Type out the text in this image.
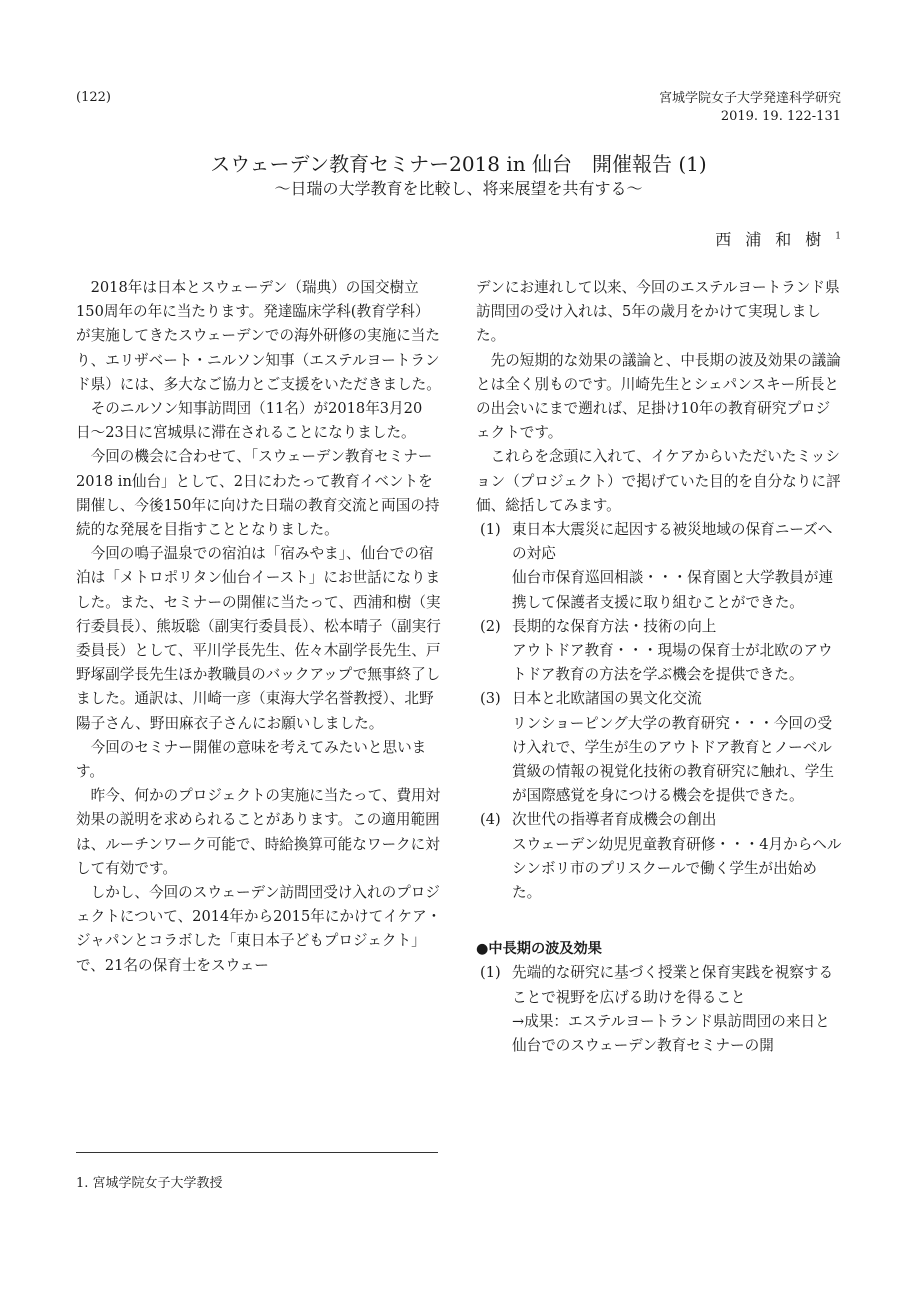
(122)	宮城学院女子大学発達科学研究
2019. 19. 122-131
スウェーデン教育セミナー2018 in 仙台　開催報告 (1)
〜日瑞の大学教育を比較し、将来展望を共有する〜
西浦和樹$^1$

2018年は日本とスウェーデン（瑞典）の国交樹立150周年の年に当たります。発達臨床学科(教育学科）が実施してきたスウェーデンでの海外研修の実施に当たり、エリザベート・ニルソン知事（エステルヨートランド県）には、多大なご協力とご支援をいただきました。

そのニルソン知事訪問団（11名）が2018年3月20日〜23日に宮城県に滞在されることになりました。

今回の機会に合わせて、「スウェーデン教育セミナー2018 in仙台」として、2日にわたって教育イベントを開催し、今後150年に向けた日瑞の教育交流と両国の持続的な発展を目指すこととなりました。

今回の鳴子温泉での宿泊は「宿みやま」、仙台での宿泊は「メトロポリタン仙台イースト」にお世話になりました。また、セミナーの開催に当たって、西浦和樹（実行委員長）、熊坂聡（副実行委員長）、松本晴子（副実行委員長）として、平川学長先生、佐々木副学長先生、戸野塚副学長先生ほか教職員のバックアップで無事終了しました。通訳は、川崎一彦（東海大学名誉教授）、北野陽子さん、野田麻衣子さんにお願いしました。

今回のセミナー開催の意味を考えてみたいと思います。

昨今、何かのプロジェクトの実施に当たって、費用対効果の説明を求められることがあります。この適用範囲は、ルーチンワーク可能で、時給換算可能なワークに対して有効です。

しかし、今回のスウェーデン訪問団受け入れのプロジェクトについて、2014年から2015年にかけてイケア・ジャパンとコラボした「東日本子どもプロジェクト」で、21名の保育士をスウェー

デンにお連れして以来、今回のエステルヨートランド県訪問団の受け入れは、5年の歳月をかけて実現しました。

先の短期的な効果の議論と、中長期の波及効果の議論とは全く別ものです。川崎先生とシェパンスキー所長との出会いにまで遡れば、足掛け10年の教育研究プロジェクトです。

これらを念頭に入れて、イケアからいただいたミッション（プロジェクト）で掲げていた目的を自分なりに評価、総括してみます。

(1) 東日本大震災に起因する被災地域の保育ニーズへの対応
仙台市保育巡回相談・・・保育園と大学教員が連携して保護者支援に取り組むことができた。
(2) 長期的な保育方法・技術の向上
アウトドア教育・・・現場の保育士が北欧のアウトドア教育の方法を学ぶ機会を提供できた。
(3) 日本と北欧諸国の異文化交流
リンショーピング大学の教育研究・・・今回の受け入れで、学生が生のアウトドア教育とノーベル賞級の情報の視覚化技術の教育研究に触れ、学生が国際感覚を身につける機会を提供できた。
(4) 次世代の指導者育成機会の創出
スウェーデン幼児児童教育研修・・・4月からヘルシンボリ市のプリスクールで働く学生が出始めた。

●中長期の波及効果

(1) 先端的な研究に基づく授業と保育実践を視察することで視野を広げる助けを得ること
→成果：エステルヨートランド県訪問団の来日と仙台でのスウェーデン教育セミナーの開
1. 宮城学院女子大学教授
